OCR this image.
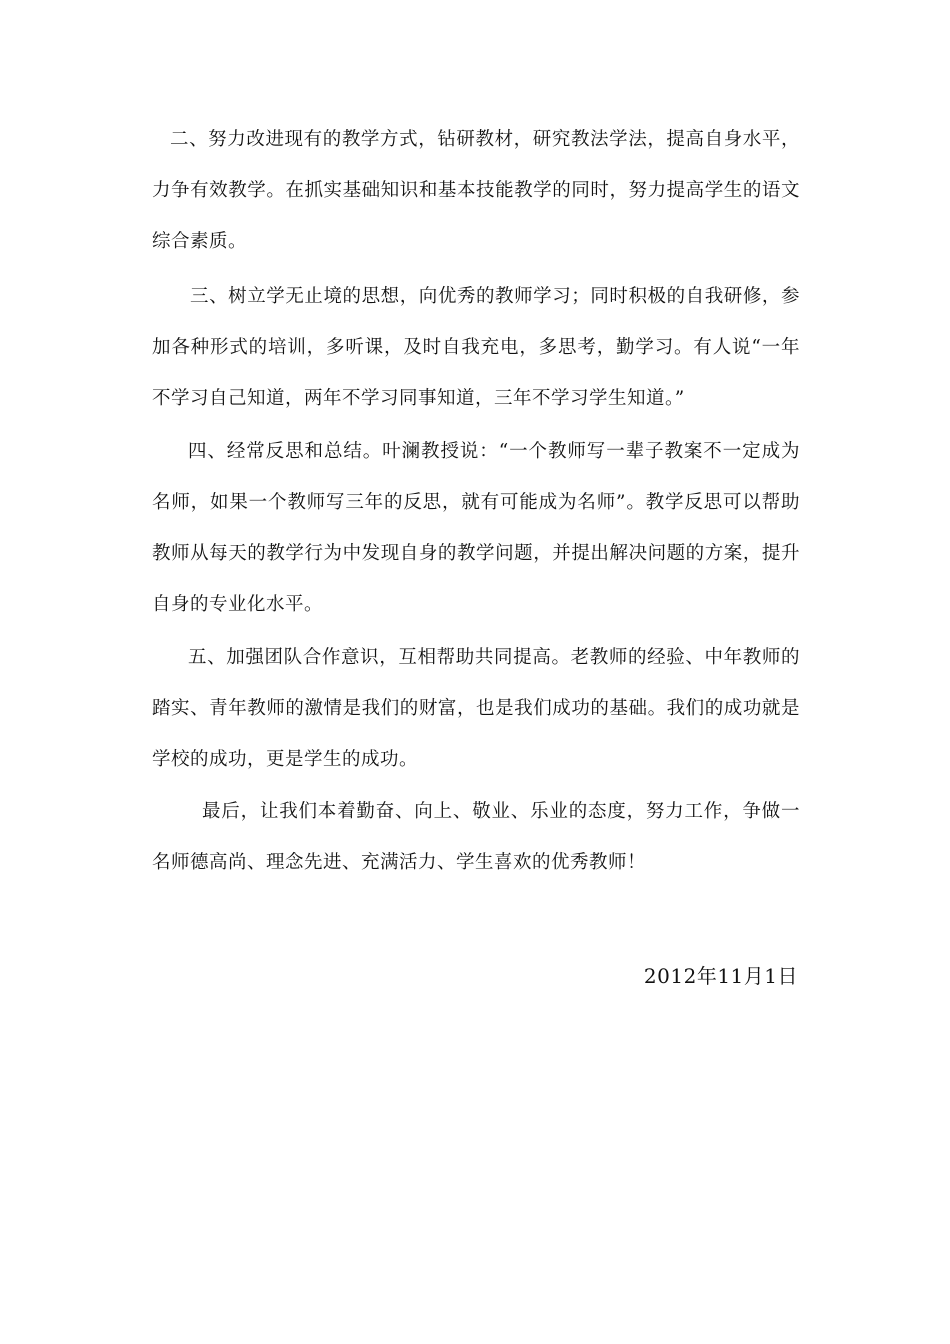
二、努力改进现有的教学方式，钻研教材，研究教法学法，提高自身水平，力争有效教学。在抓实基础知识和基本技能教学的同时，努力提高学生的语文综合素质。

三、树立学无止境的思想，向优秀的教师学习；同时积极的自我研修，参加各种形式的培训，多听课，及时自我充电，多思考，勤学习。有人说“一年不学习自己知道，两年不学习同事知道，三年不学习学生知道。”

四、经常反思和总结。叶澜教授说：“一个教师写一辈子教案不一定成为名师，如果一个教师写三年的反思，就有可能成为名师”。教学反思可以帮助教师从每天的教学行为中发现自身的教学问题，并提出解决问题的方案，提升自身的专业化水平。

五、加强团队合作意识，互相帮助共同提高。老教师的经验、中年教师的踏实、青年教师的激情是我们的财富，也是我们成功的基础。我们的成功就是学校的成功，更是学生的成功。

最后，让我们本着勤奋、向上、敬业、乐业的态度，努力工作，争做一名师德高尚、理念先进、充满活力、学生喜欢的优秀教师！

2012年11月1日
